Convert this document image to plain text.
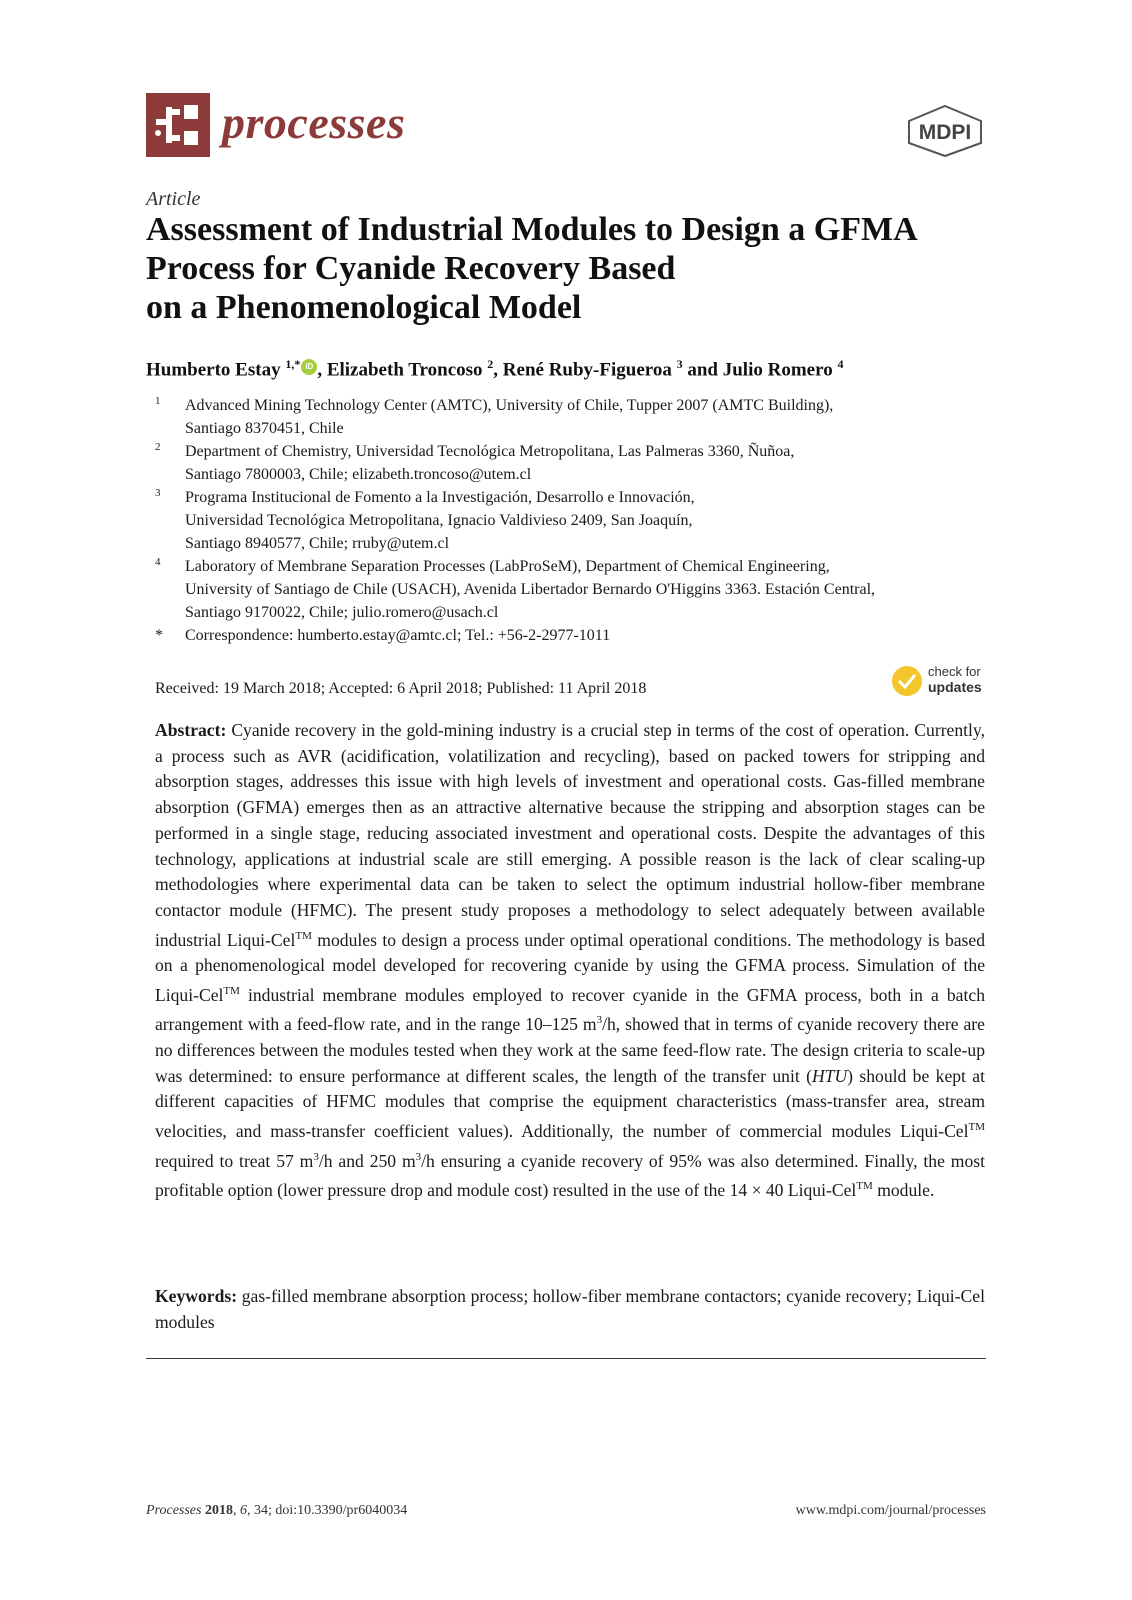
processes	MDPI
Article
Assessment of Industrial Modules to Design a GFMA
Process for Cyanide Recovery Based
on a Phenomenological Model
Humberto Estay $^{1,*}$ iD , Elizabeth Troncoso $^2$, René Ruby-Figueroa $^3$ and Julio Romero $^4$
1 Advanced Mining Technology Center (AMTC), University of Chile, Tupper 2007 (AMTC Building),
Santiago 8370451, Chile
2 Department of Chemistry, Universidad Tecnológica Metropolitana, Las Palmeras 3360, Ñuñoa,
Santiago 7800003, Chile; elizabeth.troncoso@utem.cl
3 Programa Institucional de Fomento a la Investigación, Desarrollo e Innovación,
Universidad Tecnológica Metropolitana, Ignacio Valdivieso 2409, San Joaquín,
Santiago 8940577, Chile; rruby@utem.cl
4 Laboratory of Membrane Separation Processes (LabProSeM), Department of Chemical Engineering,
University of Santiago de Chile (USACH), Avenida Libertador Bernardo O'Higgins 3363. Estación Central,
Santiago 9170022, Chile; julio.romero@usach.cl
* Correspondence: humberto.estay@amtc.cl; Tel.: +56-2-2977-1011
Received: 19 March 2018; Accepted: 6 April 2018; Published: 11 April 2018
check for
updates
Abstract: Cyanide recovery in the gold-mining industry is a crucial step in terms of the cost of operation. Currently, a process such as AVR (acidification, volatilization and recycling), based on packed towers for stripping and absorption stages, addresses this issue with high levels of investment and operational costs. Gas-filled membrane absorption (GFMA) emerges then as an attractive alternative because the stripping and absorption stages can be performed in a single stage, reducing associated investment and operational costs. Despite the advantages of this technology, applications at industrial scale are still emerging. A possible reason is the lack of clear scaling-up methodologies where experimental data can be taken to select the optimum industrial hollow-fiber membrane contactor module (HFMC). The present study proposes a methodology to select adequately between available industrial Liqui-Cel™ modules to design a process under optimal operational conditions. The methodology is based on a phenomenological model developed for recovering cyanide by using the GFMA process. Simulation of the Liqui-Cel™ industrial membrane modules employed to recover cyanide in the GFMA process, both in a batch arrangement with a feed-flow rate, and in the range 10–125 $m^3/h$, showed that in terms of cyanide recovery there are no differences between the modules tested when they work at the same feed-flow rate. The design criteria to scale-up was determined: to ensure performance at different scales, the length of the transfer unit (HTU) should be kept at different capacities of HFMC modules that comprise the equipment characteristics (mass-transfer area, stream velocities, and mass-transfer coefficient values). Additionally, the number of commercial modules Liqui-Cel™ required to treat 57 $m^3/h$ and 250 $m^3/h$ ensuring a cyanide recovery of 95% was also determined. Finally, the most profitable option (lower pressure drop and module cost) resulted in the use of the 14 × 40 Liqui-Cel™ module.
Keywords: gas-filled membrane absorption process; hollow-fiber membrane contactors; cyanide recovery; Liqui-Cel modules
Processes 2018, 6, 34; doi:10.3390/pr6040034	www.mdpi.com/journal/processes
